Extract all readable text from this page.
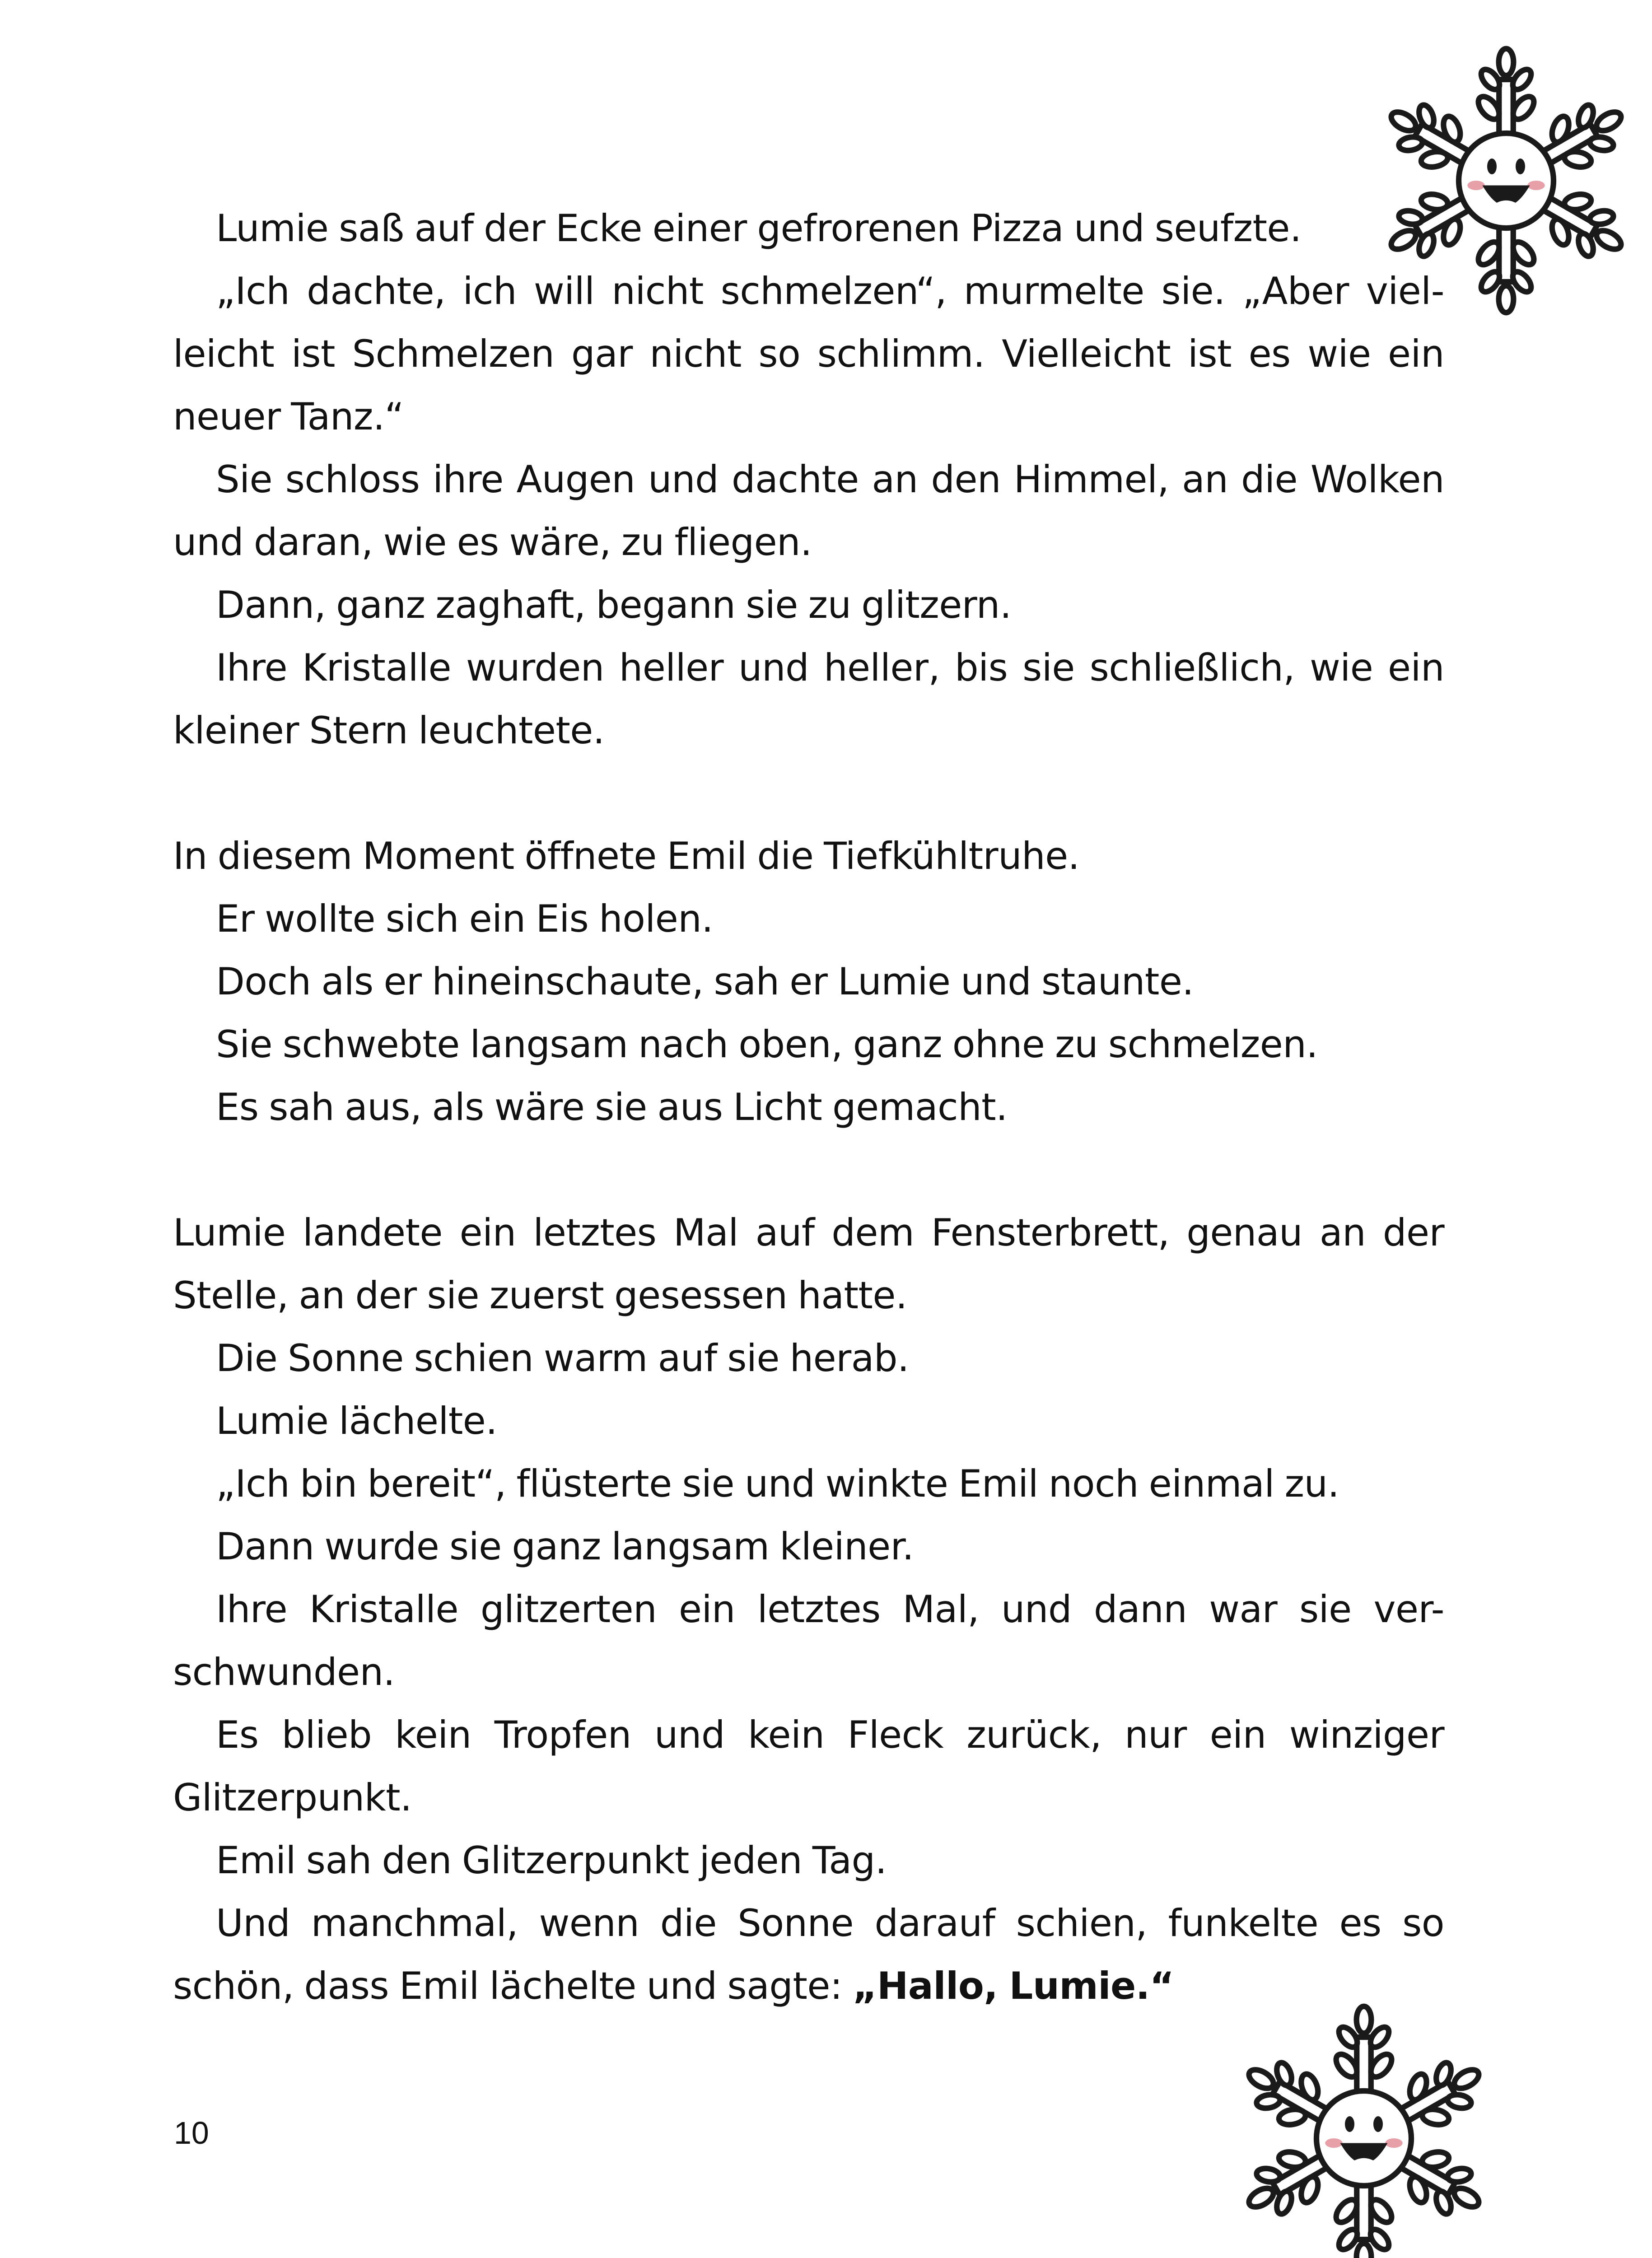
Lumie saß auf der Ecke einer gefrorenen Pizza und seufzte.

„Ich dachte, ich will nicht schmelzen“, murmelte sie. „Aber viel-leicht ist Schmelzen gar nicht so schlimm. Vielleicht ist es wie ein neuer Tanz.“

Sie schloss ihre Augen und dachte an den Himmel, an die Wolken und daran, wie es wäre, zu fliegen.

Dann, ganz zaghaft, begann sie zu glitzern.

Ihre Kristalle wurden heller und heller, bis sie schließlich, wie ein kleiner Stern leuchtete.

In diesem Moment öffnete Emil die Tiefkühltruhe.

Er wollte sich ein Eis holen.

Doch als er hineinschaute, sah er Lumie und staunte.

Sie schwebte langsam nach oben, ganz ohne zu schmelzen.

Es sah aus, als wäre sie aus Licht gemacht.

Lumie landete ein letztes Mal auf dem Fensterbrett, genau an der Stelle, an der sie zuerst gesessen hatte.

Die Sonne schien warm auf sie herab.

Lumie lächelte.

„Ich bin bereit“, flüsterte sie und winkte Emil noch einmal zu.

Dann wurde sie ganz langsam kleiner.

Ihre Kristalle glitzerten ein letztes Mal, und dann war sie ver-schwunden.

Es blieb kein Tropfen und kein Fleck zurück, nur ein winziger Glitzerpunkt.

Emil sah den Glitzerpunkt jeden Tag.

Und manchmal, wenn die Sonne darauf schien, funkelte es so schön, dass Emil lächelte und sagte: „Hallo, Lumie.“

10
